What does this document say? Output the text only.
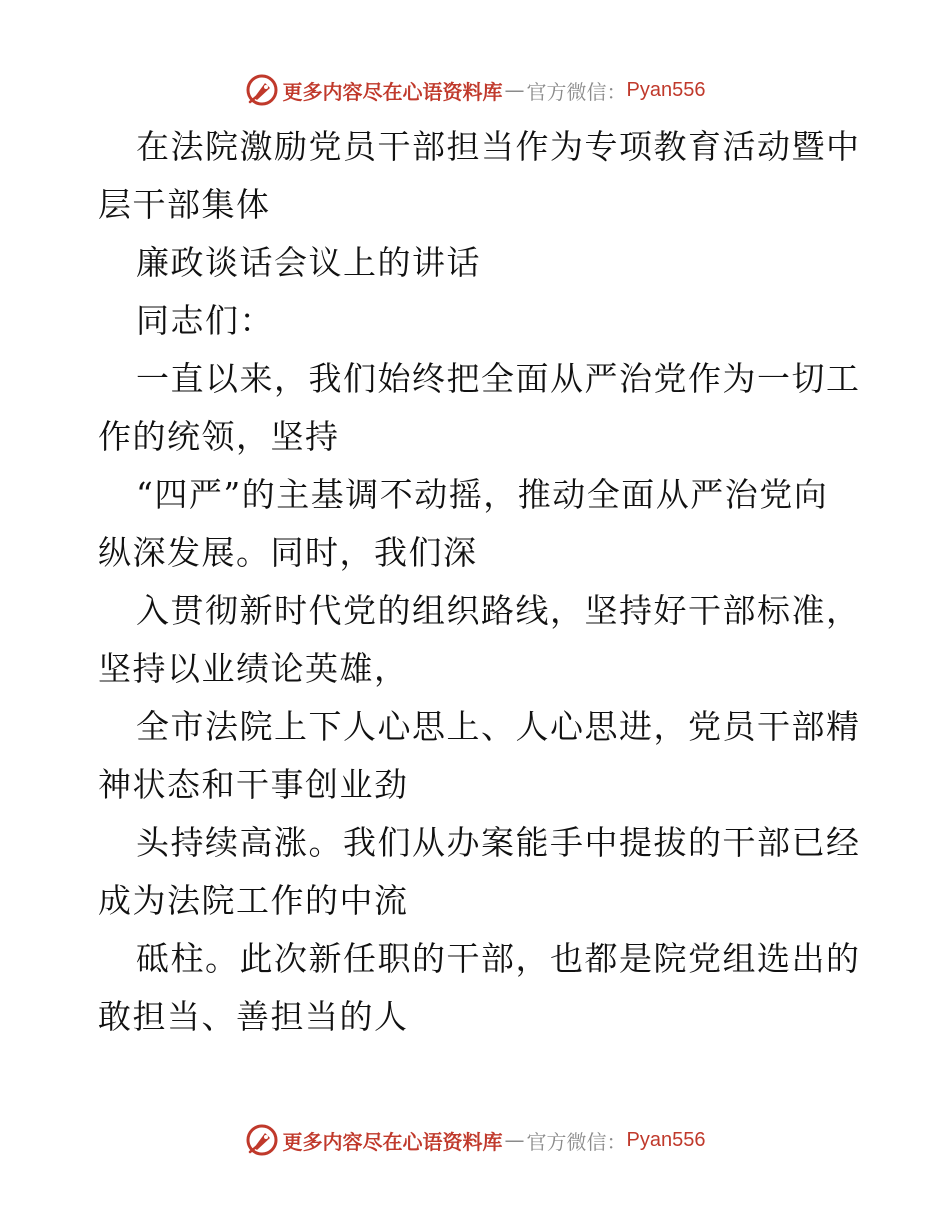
更多内容尽在心语资料库 — 官方微信： Pyan556
在法院激励党员干部担当作为专项教育活动暨中
层干部集体
廉政谈话会议上的讲话
同志们：
一直以来，我们始终把全面从严治党作为一切工
作的统领，坚持
“四严”的主基调不动摇，推动全面从严治党向
纵深发展。同时，我们深
入贯彻新时代党的组织路线，坚持好干部标准，
坚持以业绩论英雄，
全市法院上下人心思上、人心思进，党员干部精
神状态和干事创业劲
头持续高涨。我们从办案能手中提拔的干部已经
成为法院工作的中流
砥柱。此次新任职的干部，也都是院党组选出的
敢担当、善担当的人
更多内容尽在心语资料库 — 官方微信： Pyan556
